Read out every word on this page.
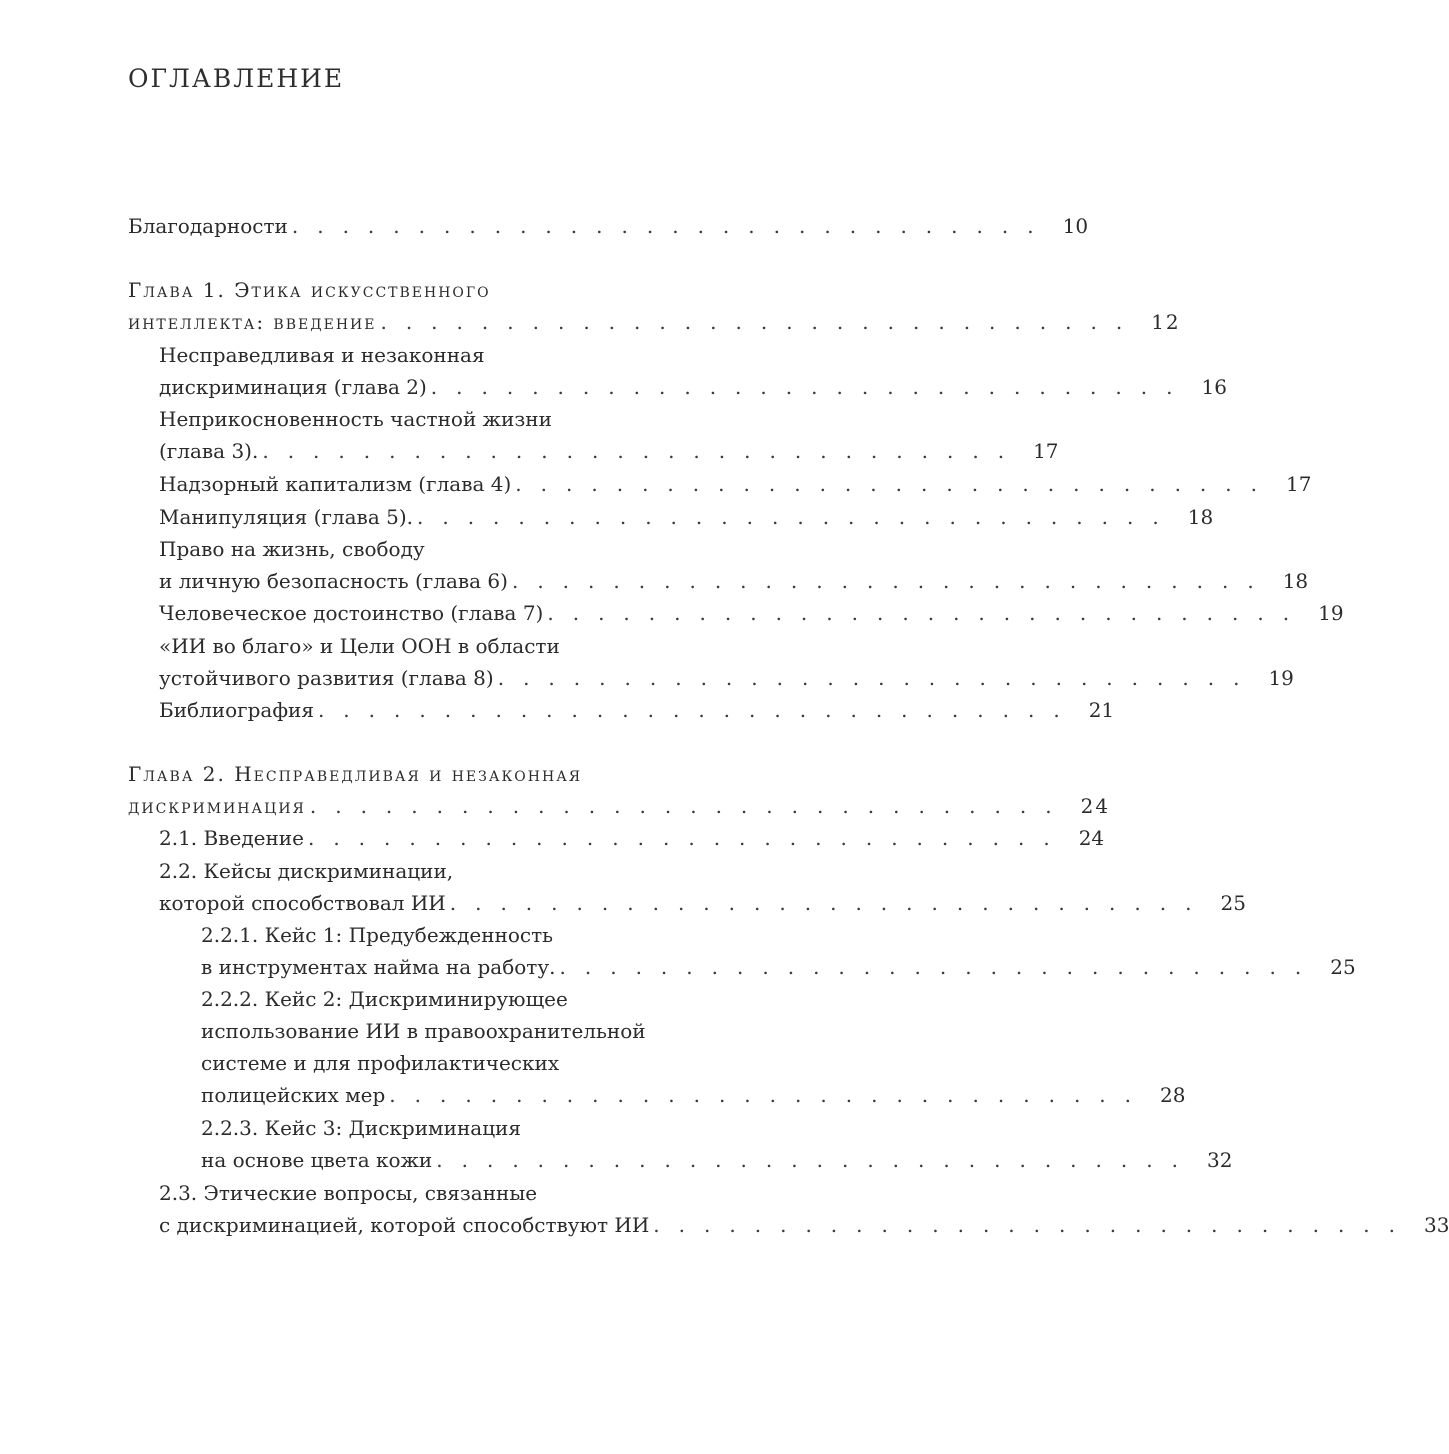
ОГЛАВЛЕНИЕ
Благодарности .............................. 10
Глава 1. Этика искусственного
интеллекта: введение .............................. 12
Несправедливая и незаконная
дискриминация (глава 2) .............................. 16
Неприкосновенность частной жизни
(глава 3). .............................. 17
Надзорный капитализм (глава 4) .............................. 17
Манипуляция (глава 5). .............................. 18
Право на жизнь, свободу
и личную безопасность (глава 6) .............................. 18
Человеческое достоинство (глава 7) .............................. 19
«ИИ во благо» и Цели ООН в области
устойчивого развития (глава 8) .............................. 19
Библиография .............................. 21
Глава 2. Несправедливая и незаконная
дискриминация .............................. 24
2.1. Введение .............................. 24
2.2. Кейсы дискриминации,
которой способствовал ИИ .............................. 25
2.2.1. Кейс 1: Предубежденность
в инструментах найма на работу. .............................. 25
2.2.2. Кейс 2: Дискриминирующее
использование ИИ в правоохранительной
системе и для профилактических
полицейских мер .............................. 28
2.2.3. Кейс 3: Дискриминация
на основе цвета кожи .............................. 32
2.3. Этические вопросы, связанные
с дискриминацией, которой способствуют ИИ .............................. 33
